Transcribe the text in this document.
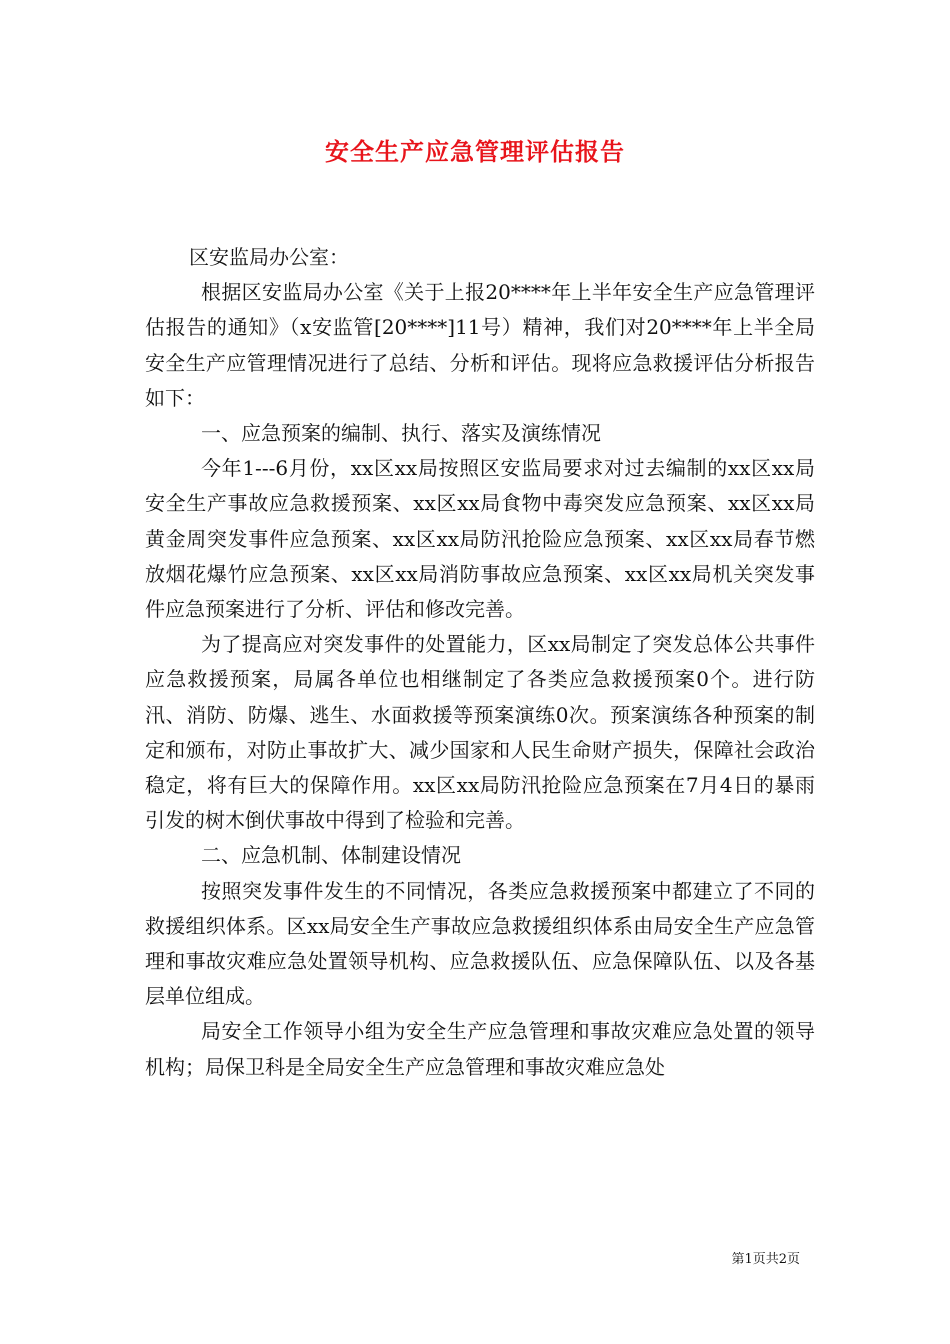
安全生产应急管理评估报告

区安监局办公室：

根据区安监局办公室《关于上报20****年上半年安全生产应急管理评估报告的通知》（x安监管[20****]11号）精神，我们对20****年上半全局安全生产应管理情况进行了总结、分析和评估。现将应急救援评估分析报告如下：

一、应急预案的编制、执行、落实及演练情况

今年1---6月份，xx区xx局按照区安监局要求对过去编制的xx区xx局安全生产事故应急救援预案、xx区xx局食物中毒突发应急预案、xx区xx局黄金周突发事件应急预案、xx区xx局防汛抢险应急预案、xx区xx局春节燃放烟花爆竹应急预案、xx区xx局消防事故应急预案、xx区xx局机关突发事件应急预案进行了分析、评估和修改完善。

为了提高应对突发事件的处置能力，区xx局制定了突发总体公共事件应急救援预案，局属各单位也相继制定了各类应急救援预案0个。进行防汛、消防、防爆、逃生、水面救援等预案演练0次。预案演练各种预案的制定和颁布，对防止事故扩大、减少国家和人民生命财产损失，保障社会政治稳定，将有巨大的保障作用。xx区xx局防汛抢险应急预案在7月4日的暴雨引发的树木倒伏事故中得到了检验和完善。

二、应急机制、体制建设情况

按照突发事件发生的不同情况，各类应急救援预案中都建立了不同的救援组织体系。区xx局安全生产事故应急救援组织体系由局安全生产应急管理和事故灾难应急处置领导机构、应急救援队伍、应急保障队伍、以及各基层单位组成。

局安全工作领导小组为安全生产应急管理和事故灾难应急处置的领导机构；局保卫科是全局安全生产应急管理和事故灾难应急处

第1页共2页
